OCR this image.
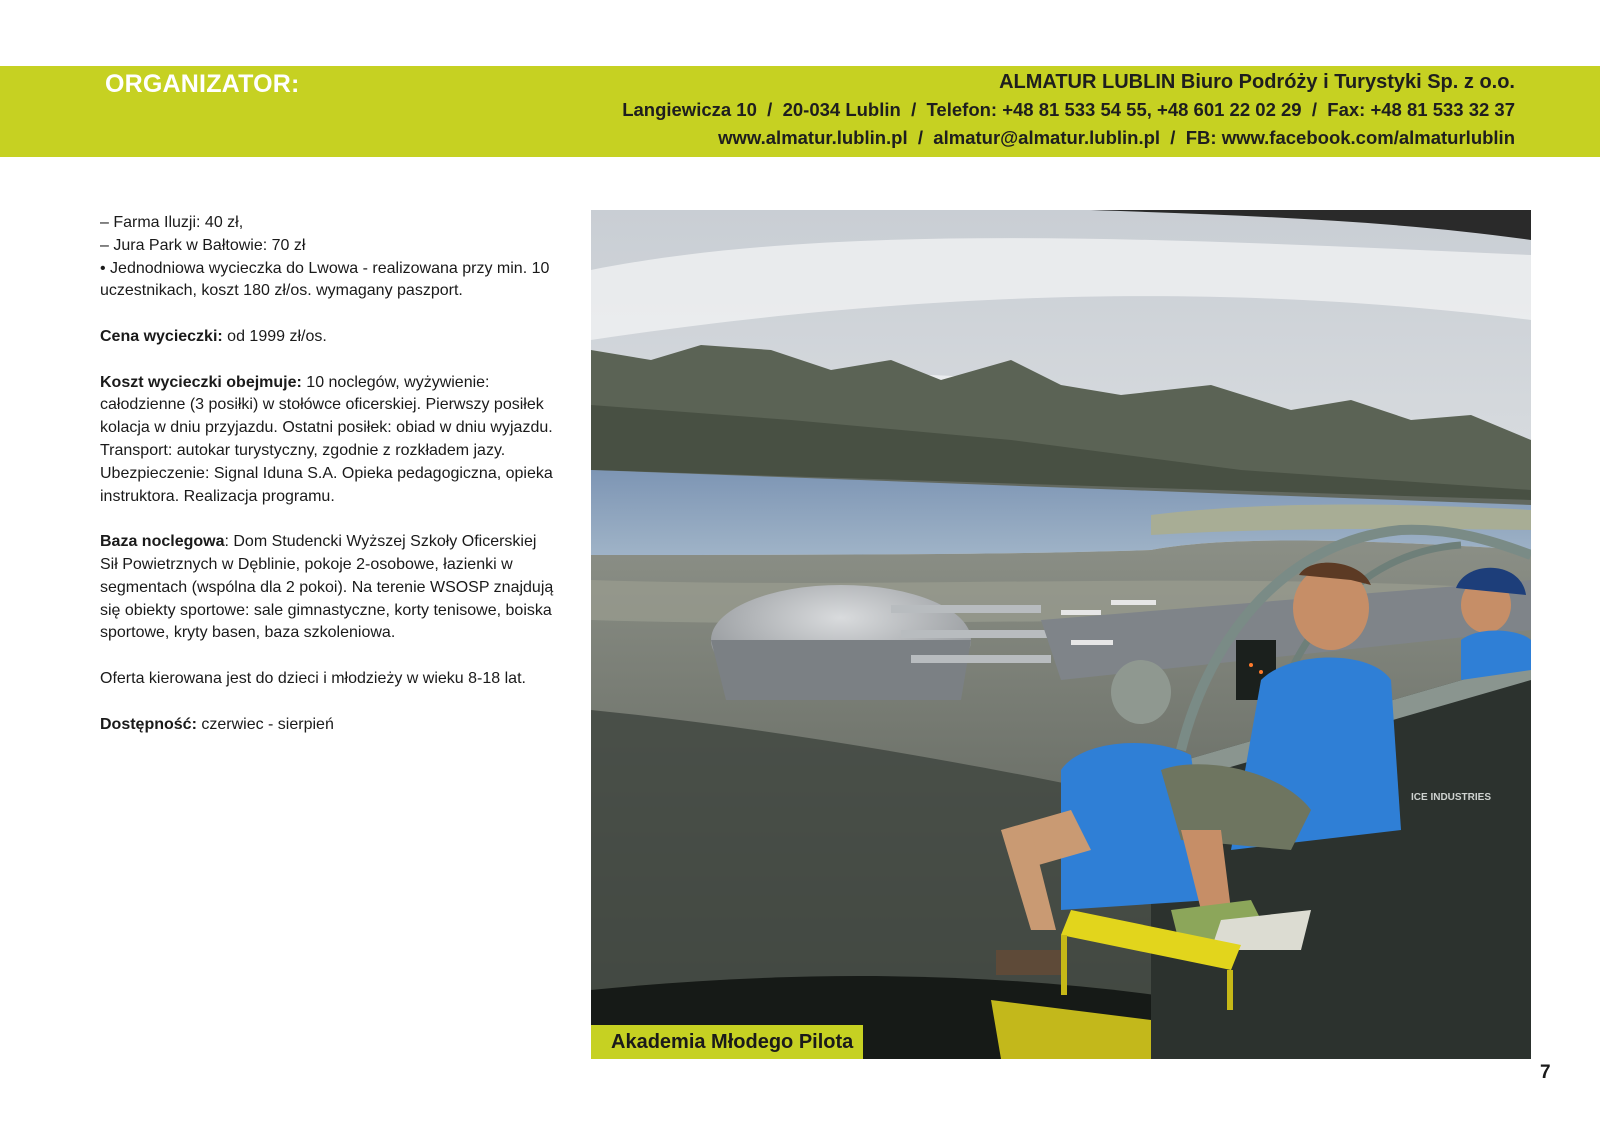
ORGANIZATOR:	ALMATUR LUBLIN Biuro Podróży i Turystyki Sp. z o.o.
Langiewicza 10  /  20-034 Lublin  /  Telefon: +48 81 533 54 55, +48 601 22 02 29  /  Fax: +48 81 533 32 37
www.almatur.lublin.pl  /  almatur@almatur.lublin.pl  /  FB: www.facebook.com/almaturlublin

– Farma Iluzji: 40 zł,

– Jura Park w Bałtowie: 70 zł

• Jednodniowa wycieczka do Lwowa - realizowana przy min. 10 uczestnikach, koszt 180 zł/os. wymagany paszport.

Cena wycieczki: od 1999 zł/os.

Koszt wycieczki obejmuje: 10 noclegów, wyżywienie: całodzienne (3 posiłki) w stołówce oficerskiej. Pierwszy posiłek kolacja w dniu przyjazdu. Ostatni posiłek: obiad w dniu wyjazdu. Transport: autokar turystyczny, zgodnie z rozkładem jazy. Ubezpieczenie: Signal Iduna S.A. Opieka pedagogiczna, opieka instruktora. Realizacja programu.

Baza noclegowa: Dom Studencki Wyższej Szkoły Oficerskiej Sił Powietrznych w Dęblinie, pokoje 2-osobowe, łazienki w segmentach (wspólna dla 2 pokoi). Na terenie WSOSP znajdują się obiekty sportowe: sale gimnastyczne, korty tenisowe, boiska sportowe, kryty basen, baza szkoleniowa.

Oferta kierowana jest do dzieci i młodzieży w wieku 8-18 lat.

Dostępność: czerwiec - sierpień

ICE INDUSTRIES
Akademia Młodego Pilota
7
